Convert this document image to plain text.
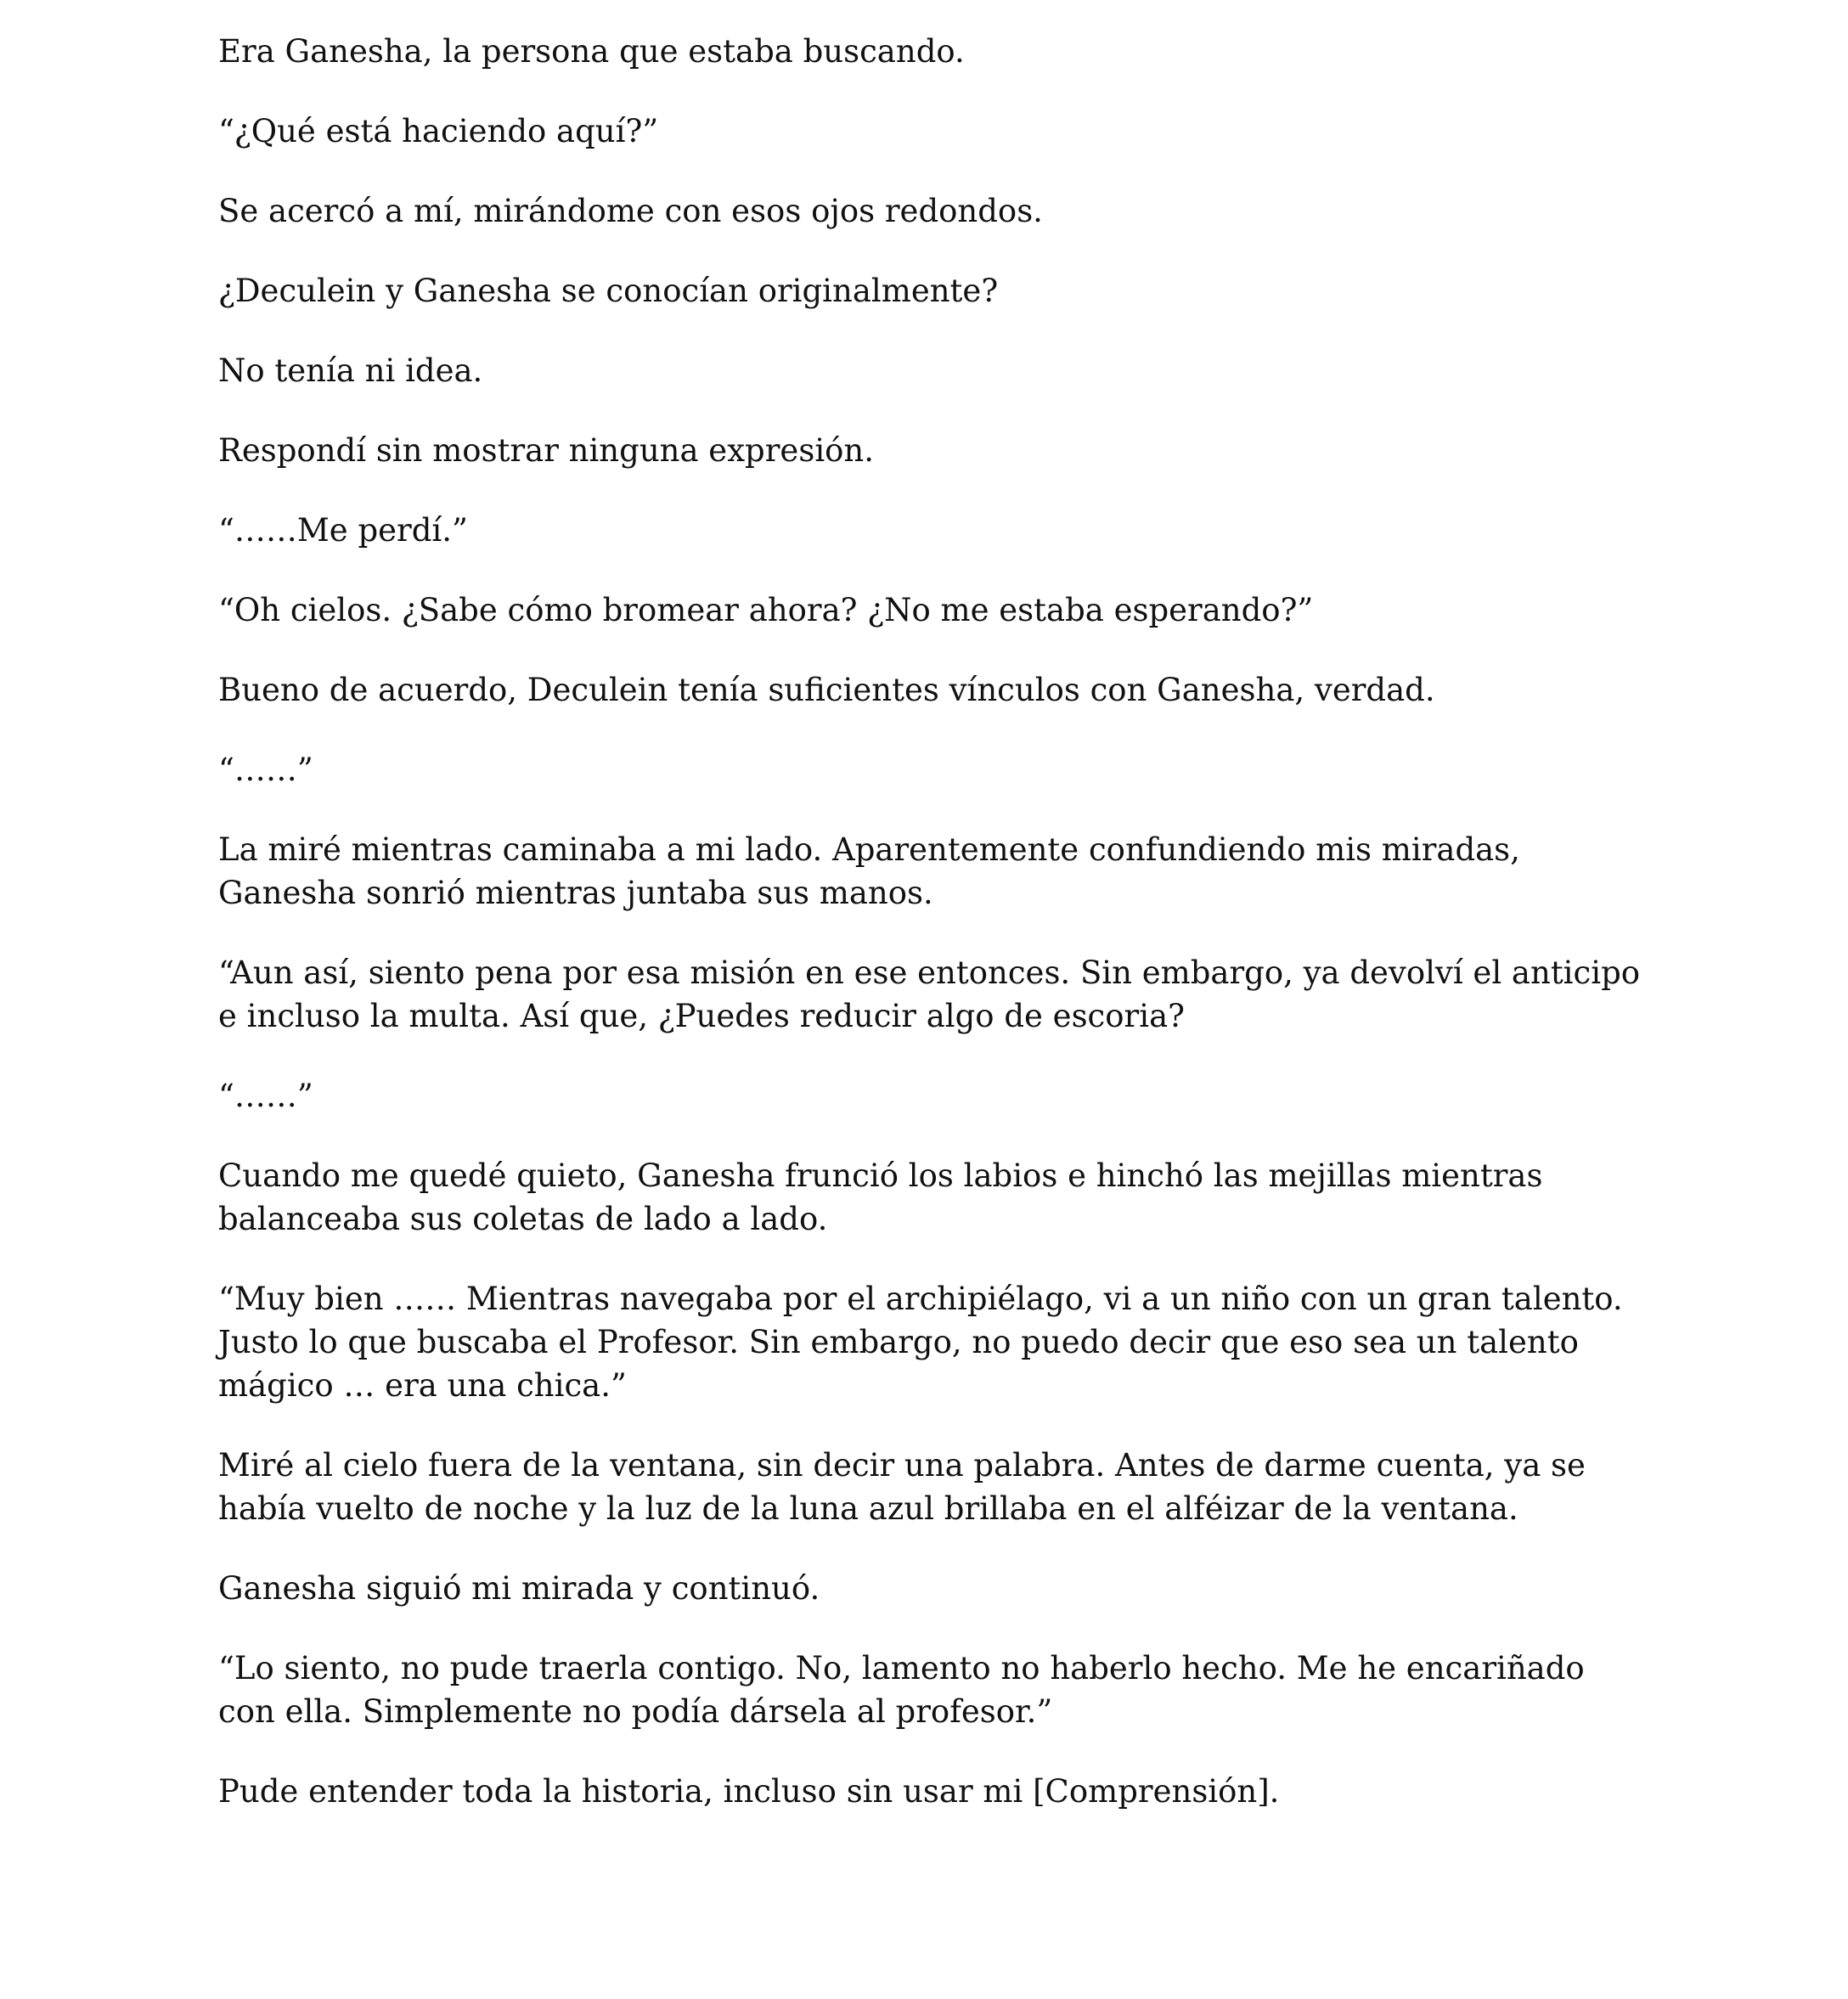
Era Ganesha, la persona que estaba buscando.

“¿Qué está haciendo aquí?”

Se acercó a mí, mirándome con esos ojos redondos.

¿Deculein y Ganesha se conocían originalmente?

No tenía ni idea.

Respondí sin mostrar ninguna expresión.

“……Me perdí.”

“Oh cielos. ¿Sabe cómo bromear ahora? ¿No me estaba esperando?”

Bueno de acuerdo, Deculein tenía suficientes vínculos con Ganesha, verdad.

“……”

La miré mientras caminaba a mi lado. Aparentemente confundiendo mis miradas, Ganesha sonrió mientras juntaba sus manos.

“Aun así, siento pena por esa misión en ese entonces. Sin embargo, ya devolví el anticipo e incluso la multa. Así que, ¿Puedes reducir algo de escoria?

“……”

Cuando me quedé quieto, Ganesha frunció los labios e hinchó las mejillas mientras balanceaba sus coletas de lado a lado.

“Muy bien …… Mientras navegaba por el archipiélago, vi a un niño con un gran talento. Justo lo que buscaba el Profesor. Sin embargo, no puedo decir que eso sea un talento mágico … era una chica.”

Miré al cielo fuera de la ventana, sin decir una palabra. Antes de darme cuenta, ya se había vuelto de noche y la luz de la luna azul brillaba en el alféizar de la ventana.

Ganesha siguió mi mirada y continuó.

“Lo siento, no pude traerla contigo. No, lamento no haberlo hecho. Me he encariñado con ella. Simplemente no podía dársela al profesor.”

Pude entender toda la historia, incluso sin usar mi [Comprensión].
